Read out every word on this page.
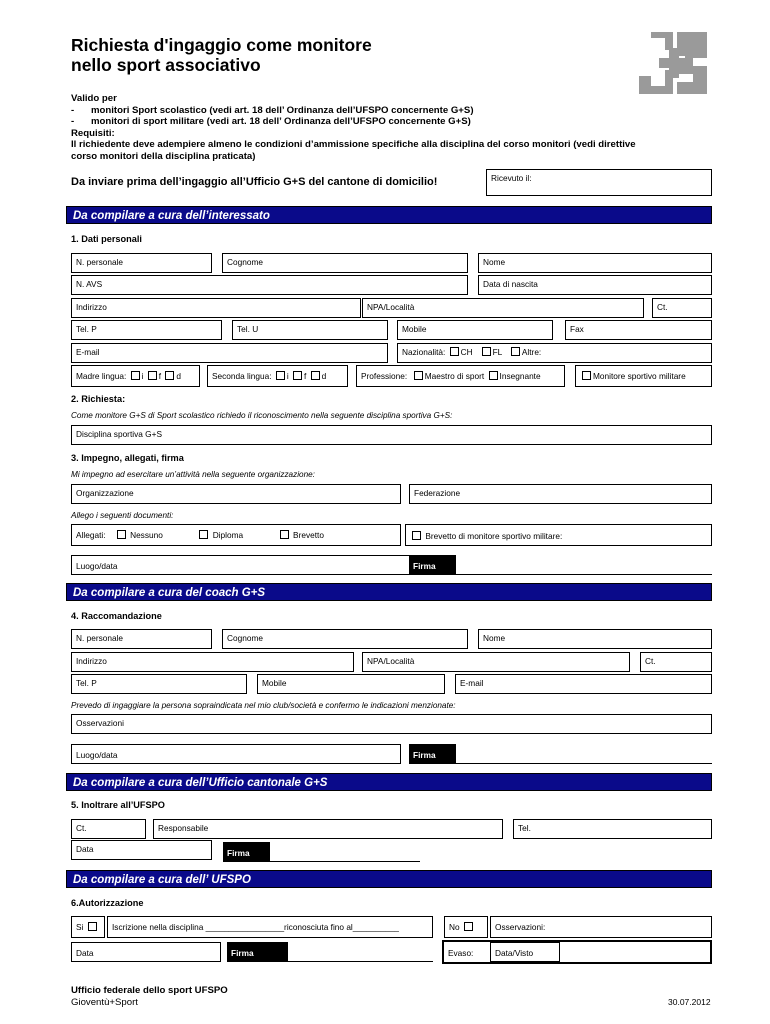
Richiesta d'ingaggio come monitore
nello sport associativo
Valido per
- monitori Sport scolastico (vedi art. 18 dell’ Ordinanza dell’UFSPO concernente G+S)
- monitori di sport militare (vedi art. 18 dell’ Ordinanza dell’UFSPO concernente G+S)
Requisiti:
Il richiedente deve adempiere almeno le condizioni d’ammissione specifiche alla disciplina del corso monitori (vedi direttive
corso monitori della disciplina praticata)
Da inviare prima dell’ingaggio all’Ufficio G+S del cantone di domicilio!	Ricevuto il:
Da compilare a cura dell’interessato
1. Dati personali
N. personale	Cognome	Nome
N. AVS	Data di nascita
Indirizzo	NPA/Località	Ct.
Tel. P	Tel. U	Mobile	Fax
E-mail	Nazionalità: CH FL Altre:
Madre lingua: i f d	Seconda lingua: i f d	Professione: Maestro di sport Insegnante	Monitore sportivo militare
2. Richiesta:
Come monitore G+S di Sport scolastico richiedo il riconoscimento nella seguente disciplina sportiva G+S:
Disciplina sportiva G+S
3. Impegno, allegati, firma
Mi impegno ad esercitare un’attività nella seguente organizzazione:
Organizzazione	Federazione
Allego i seguenti documenti:
Allegati:	Nessuno	Diploma	Brevetto	Brevetto di monitore sportivo militare:
Luogo/data	Firma
Da compilare a cura del coach G+S
4. Raccomandazione
N. personale	Cognome	Nome
Indirizzo	NPA/Località	Ct.
Tel. P	Mobile	E-mail
Prevedo di ingaggiare la persona sopraindicata nel mio club/società e confermo le indicazioni menzionate:
Osservazioni
Luogo/data	Firma
Da compilare a cura dell’Ufficio cantonale G+S
5. Inoltrare all’UFSPO
Ct.	Responsabile	Tel.
Data	Firma
Da compilare a cura dell’ UFSPO
6.Autorizzazione
Si	Iscrizione nella disciplina _________________riconosciuta fino al__________	No	Osservazioni:
Data	Firma	Evaso:	Data/Visto
Ufficio federale dello sport UFSPO
Gioventù+Sport	30.07.2012
